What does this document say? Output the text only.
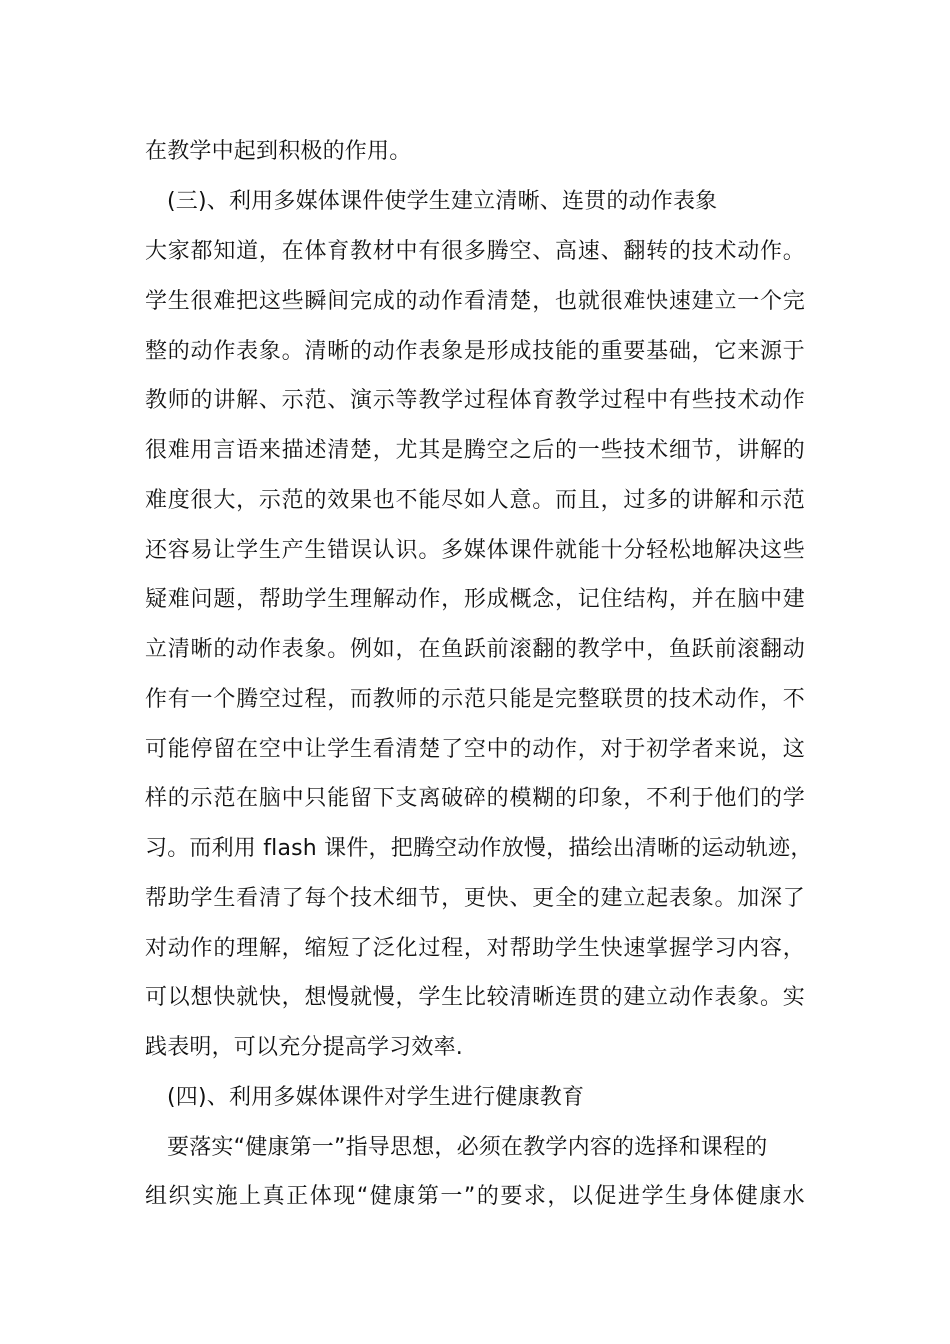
在教学中起到积极的作用。
(三)、利用多媒体课件使学生建立清晰、连贯的动作表象
大家都知道，在体育教材中有很多腾空、高速、翻转的技术动作。
学生很难把这些瞬间完成的动作看清楚，也就很难快速建立一个完
整的动作表象。清晰的动作表象是形成技能的重要基础，它来源于
教师的讲解、示范、演示等教学过程体育教学过程中有些技术动作
很难用言语来描述清楚，尤其是腾空之后的一些技术细节，讲解的
难度很大，示范的效果也不能尽如人意。而且，过多的讲解和示范
还容易让学生产生错误认识。多媒体课件就能十分轻松地解决这些
疑难问题，帮助学生理解动作，形成概念，记住结构，并在脑中建
立清晰的动作表象。例如，在鱼跃前滚翻的教学中，鱼跃前滚翻动
作有一个腾空过程，而教师的示范只能是完整联贯的技术动作，不
可能停留在空中让学生看清楚了空中的动作，对于初学者来说，这
样的示范在脑中只能留下支离破碎的模糊的印象，不利于他们的学
习。而利用 flash 课件，把腾空动作放慢，描绘出清晰的运动轨迹，
帮助学生看清了每个技术细节，更快、更全的建立起表象。加深了
对动作的理解，缩短了泛化过程，对帮助学生快速掌握学习内容，
可以想快就快，想慢就慢，学生比较清晰连贯的建立动作表象。实
践表明，可以充分提高学习效率.
(四)、利用多媒体课件对学生进行健康教育
要落实“健康第一”指导思想，必须在教学内容的选择和课程的
组织实施上真正体现“健康第一”的要求，以促进学生身体健康水
